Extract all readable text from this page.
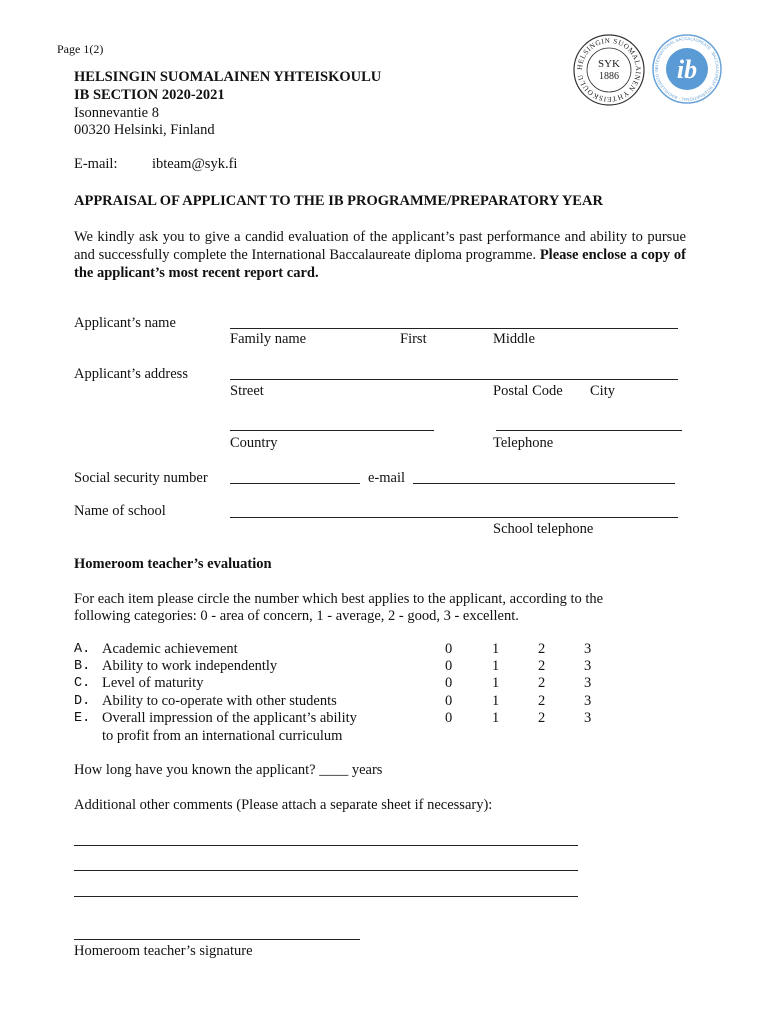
Page 1(2)
HELSINGIN SUOMALAINEN YHTEISKOULU
SYK
1886
INTERNATIONAL BACCALAUREATE · BACCALAURÉAT INTERNATIONAL · BACHILLERATO IN ib
HELSINGIN SUOMALAINEN YHTEISKOULU
IB SECTION 2020-2021
Isonnevantie 8
00320 Helsinki, Finland
E-mail: ibteam@syk.fi
APPRAISAL OF APPLICANT TO THE IB PROGRAMME/PREPARATORY YEAR
We kindly ask you to give a candid evaluation of the applicant’s past performance and ability to pursue and successfully complete the International Baccalaureate diploma programme. Please enclose a copy of the applicant’s most recent report card.
Applicant’s name
Family name	First	Middle
Applicant’s address
Street	Postal Code City
Country	Telephone
Social security number	e-mail
Name of school
School telephone
Homeroom teacher’s evaluation
For each item please circle the number which best applies to the applicant, according to the
following categories: 0 - area of concern, 1 - average, 2 - good, 3 - excellent.
A. Academic achievement	0	1	2	3
B. Ability to work independently	0	1	2	3
C. Level of maturity	0	1	2	3
D. Ability to co-operate with other students	0	1	2	3
E. Overall impression of the applicant’s ability
to profit from an international curriculum
0	1	2	3
How long have you known the applicant? ____ years
Additional other comments (Please attach a separate sheet if necessary):
Homeroom teacher’s signature
